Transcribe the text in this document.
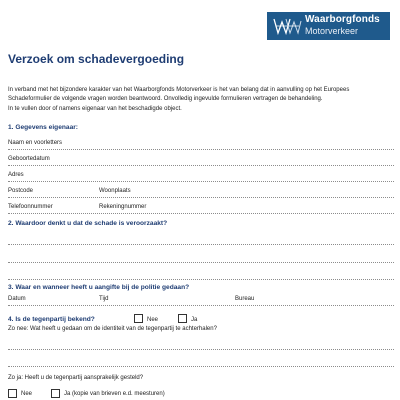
Waarborgfonds
Motorverkeer
Verzoek om schadevergoeding
In verband met het bijzondere karakter van het Waarborgfonds Motorverkeer is het van belang dat in aanvulling op het Europees
Schadeformulier de volgende vragen worden beantwoord. Onvolledig ingevulde formulieren vertragen de behandeling.
In te vullen door of namens eigenaar van het beschadigde object.
1. Gegevens eigenaar:
Naam en voorletters
Geboortedatum
Adres
Postcode	Woonplaats
Telefoonnummer	Rekeningnummer
2. Waardoor denkt u dat de schade is veroorzaakt?
3. Waar en wanneer heeft u aangifte bij de politie gedaan?
Datum	Tijd	Bureau
4. Is de tegenpartij bekend?	Nee	Ja
Zo nee: Wat heeft u gedaan om de identiteit van de tegenpartij te achterhalen?
Zo ja: Heeft u de tegenpartij aansprakelijk gesteld?
Nee	Ja (kopie van brieven e.d. meesturen)
